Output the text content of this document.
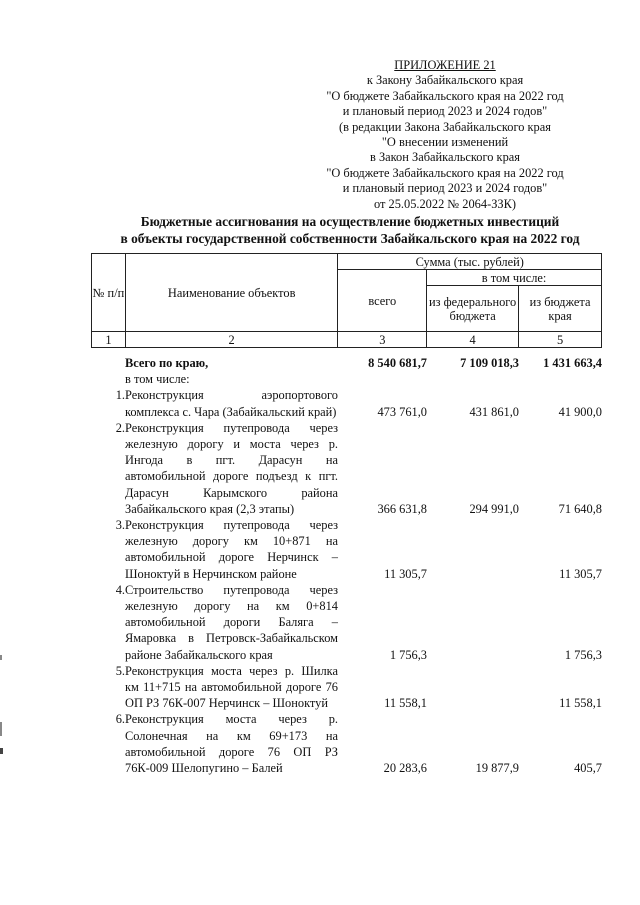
ПРИЛОЖЕНИЕ 21
к Закону Забайкальского края
"О бюджете Забайкальского края на 2022 год
и плановый период 2023 и 2024 годов"
(в редакции Закона Забайкальского края
"О внесении изменений
в Закон Забайкальского края
"О бюджете Забайкальского края на 2022 год
и плановый период 2023 и 2024 годов"
от 25.05.2022 № 2064-ЗЗК)
Бюджетные ассигнования на осуществление бюджетных инвестиций
в объекты государственной собственности Забайкальского края на 2022 год
№ п/п	Наименование объектов	Сумма (тыс. рублей)		
		всего	в том числе:	
			из федерального бюджета	из бюджета края
1	2	3	4	5
	Всего по краю,	8 540 681,7	7 109 018,3	1 431 663,4
	в том числе:			
1.	Реконструкция аэропортового комплекса с. Чара (Забайкальский край)	473 761,0	431 861,0	41 900,0
2.	Реконструкция путепровода через железную дорогу и моста через р. Ингода в пгт. Дарасун на автомобильной дороге подъезд к пгт. Дарасун Карымского района Забайкальского края (2,3 этапы)	366 631,8	294 991,0	71 640,8
3.	Реконструкция путепровода через железную дорогу км 10+871 на автомобильной дороге Нерчинск – Шоноктуй в Нерчинском районе	11 305,7		11 305,7
4.	Строительство путепровода через железную дорогу на км 0+814 автомобильной дороги Баляга – Ямаровка в Петровск-Забайкальском районе Забайкальского края	1 756,3		1 756,3
5.	Реконструкция моста через р. Шилка км 11+715 на автомобильной дороге 76 ОП РЗ 76К-007 Нерчинск – Шоноктуй	11 558,1		11 558,1
6.	Реконструкция моста через р. Солонечная на км 69+173 на автомобильной дороге 76 ОП РЗ 76К-009 Шелопугино – Балей	20 283,6	19 877,9	405,7
